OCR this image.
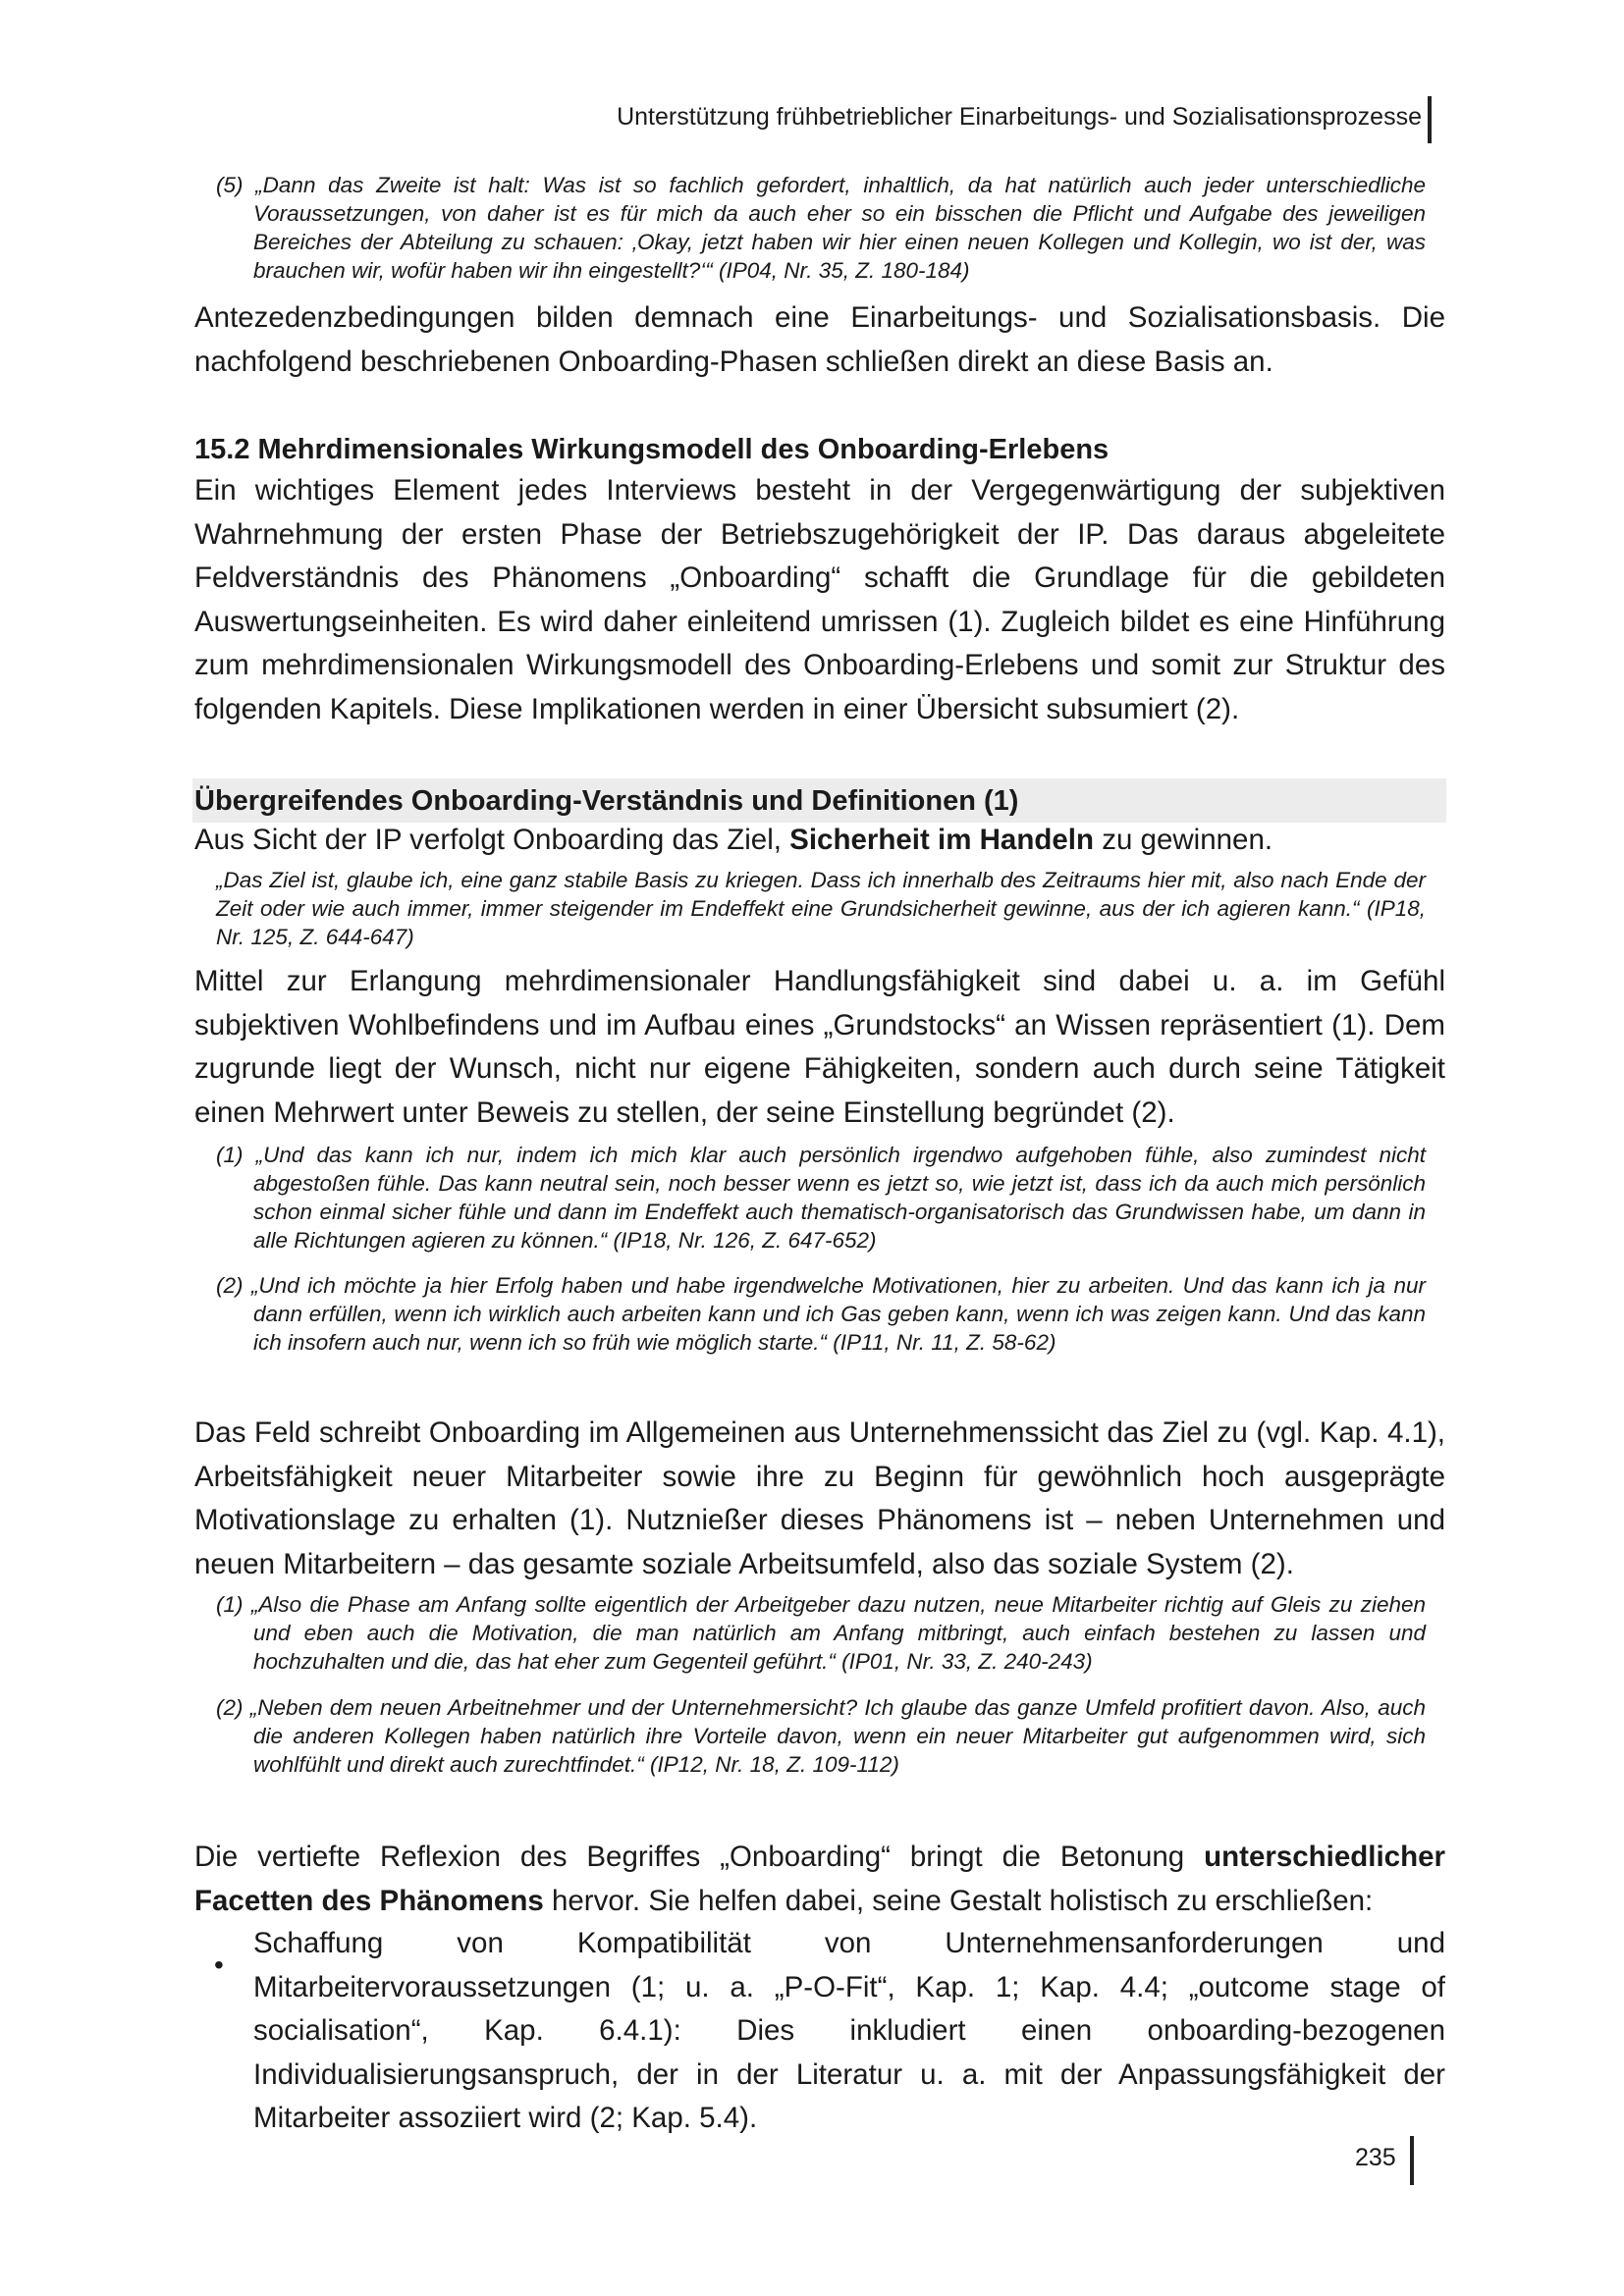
Unterstützung frühbetrieblicher Einarbeitungs- und Sozialisationsprozesse
(5) „Dann das Zweite ist halt: Was ist so fachlich gefordert, inhaltlich, da hat natürlich auch jeder unterschiedliche Voraussetzungen, von daher ist es für mich da auch eher so ein bisschen die Pflicht und Aufgabe des jeweiligen Bereiches der Abteilung zu schauen: ‚Okay, jetzt haben wir hier einen neuen Kollegen und Kollegin, wo ist der, was brauchen wir, wofür haben wir ihn eingestellt?‘“ (IP04, Nr. 35, Z. 180-184)
Antezedenzbedingungen bilden demnach eine Einarbeitungs- und Sozialisationsbasis. Die nachfolgend beschriebenen Onboarding-Phasen schließen direkt an diese Basis an.
15.2 Mehrdimensionales Wirkungsmodell des Onboarding-Erlebens
Ein wichtiges Element jedes Interviews besteht in der Vergegenwärtigung der subjektiven Wahrnehmung der ersten Phase der Betriebszugehörigkeit der IP. Das daraus abgeleitete Feldverständnis des Phänomens „Onboarding“ schafft die Grundlage für die gebildeten Auswertungseinheiten. Es wird daher einleitend umrissen (1). Zugleich bildet es eine Hinführung zum mehrdimensionalen Wirkungsmodell des Onboarding-Erlebens und somit zur Struktur des folgenden Kapitels. Diese Implikationen werden in einer Übersicht subsumiert (2).
Übergreifendes Onboarding-Verständnis und Definitionen (1)
Aus Sicht der IP verfolgt Onboarding das Ziel, Sicherheit im Handeln zu gewinnen.
„Das Ziel ist, glaube ich, eine ganz stabile Basis zu kriegen. Dass ich innerhalb des Zeitraums hier mit, also nach Ende der Zeit oder wie auch immer, immer steigender im Endeffekt eine Grundsicherheit gewinne, aus der ich agieren kann.“ (IP18, Nr. 125, Z. 644-647)
Mittel zur Erlangung mehrdimensionaler Handlungsfähigkeit sind dabei u. a. im Gefühl subjektiven Wohlbefindens und im Aufbau eines „Grundstocks“ an Wissen repräsentiert (1). Dem zugrunde liegt der Wunsch, nicht nur eigene Fähigkeiten, sondern auch durch seine Tätigkeit einen Mehrwert unter Beweis zu stellen, der seine Einstellung begründet (2).
(1) „Und das kann ich nur, indem ich mich klar auch persönlich irgendwo aufgehoben fühle, also zumindest nicht abgestoßen fühle. Das kann neutral sein, noch besser wenn es jetzt so, wie jetzt ist, dass ich da auch mich persönlich schon einmal sicher fühle und dann im Endeffekt auch thematisch-organisatorisch das Grundwissen habe, um dann in alle Richtungen agieren zu können.“ (IP18, Nr. 126, Z. 647-652)
(2) „Und ich möchte ja hier Erfolg haben und habe irgendwelche Motivationen, hier zu arbeiten. Und das kann ich ja nur dann erfüllen, wenn ich wirklich auch arbeiten kann und ich Gas geben kann, wenn ich was zeigen kann. Und das kann ich insofern auch nur, wenn ich so früh wie möglich starte.“ (IP11, Nr. 11, Z. 58-62)
Das Feld schreibt Onboarding im Allgemeinen aus Unternehmenssicht das Ziel zu (vgl. Kap. 4.1), Arbeitsfähigkeit neuer Mitarbeiter sowie ihre zu Beginn für gewöhnlich hoch ausgeprägte Motivationslage zu erhalten (1). Nutznießer dieses Phänomens ist – neben Unternehmen und neuen Mitarbeitern – das gesamte soziale Arbeitsumfeld, also das soziale System (2).
(1) „Also die Phase am Anfang sollte eigentlich der Arbeitgeber dazu nutzen, neue Mitarbeiter richtig auf Gleis zu ziehen und eben auch die Motivation, die man natürlich am Anfang mitbringt, auch einfach bestehen zu lassen und hochzuhalten und die, das hat eher zum Gegenteil geführt.“ (IP01, Nr. 33, Z. 240-243)
(2) „Neben dem neuen Arbeitnehmer und der Unternehmersicht? Ich glaube das ganze Umfeld profitiert davon. Also, auch die anderen Kollegen haben natürlich ihre Vorteile davon, wenn ein neuer Mitarbeiter gut aufgenommen wird, sich wohlfühlt und direkt auch zurechtfindet.“ (IP12, Nr. 18, Z. 109-112)
Die vertiefte Reflexion des Begriffes „Onboarding“ bringt die Betonung unterschiedlicher Facetten des Phänomens hervor. Sie helfen dabei, seine Gestalt holistisch zu erschließen:
•
Schaffung von Kompatibilität von Unternehmensanforderungen und Mitarbeitervoraussetzungen (1; u. a. „P-O-Fit“, Kap. 1; Kap. 4.4; „outcome stage of socialisation“, Kap. 6.4.1): Dies inkludiert einen onboarding-bezogenen Individualisierungsanspruch, der in der Literatur u. a. mit der Anpassungsfähigkeit der Mitarbeiter assoziiert wird (2; Kap. 5.4).
235
